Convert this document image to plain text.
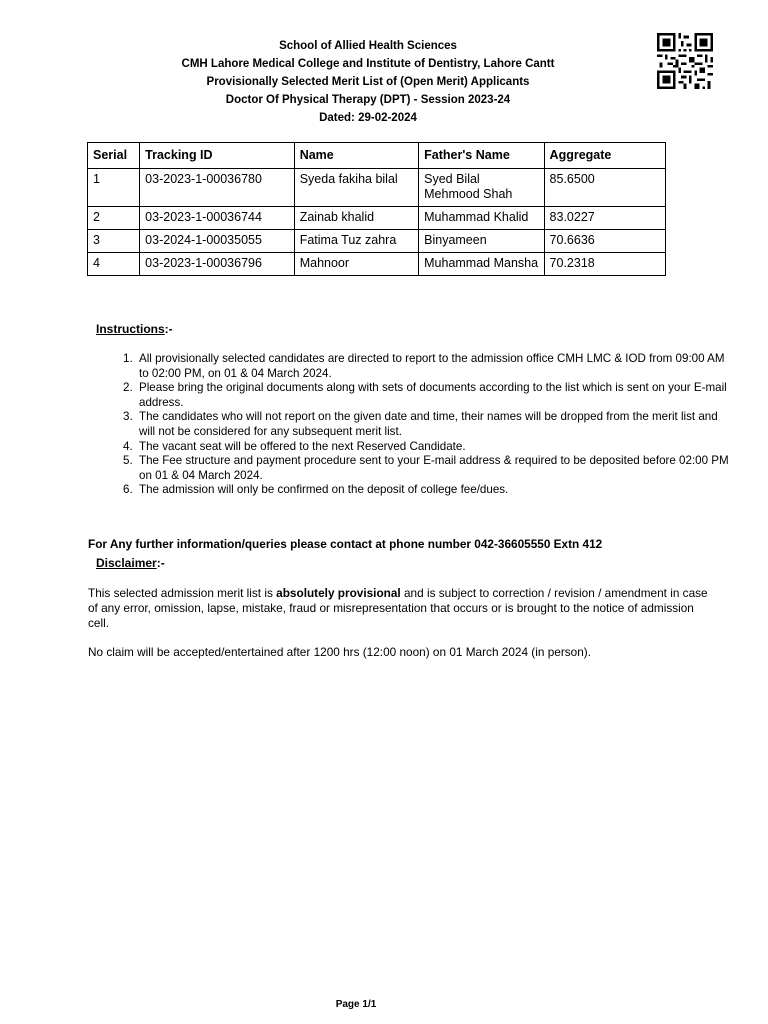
School of Allied Health Sciences
CMH Lahore Medical College and Institute of Dentistry, Lahore Cantt
Provisionally Selected Merit List of (Open Merit) Applicants
Doctor Of Physical Therapy (DPT) - Session 2023-24
Dated: 29-02-2024
Serial	Tracking ID	Name	Father's Name	Aggregate
1	03-2023-1-00036780	Syeda fakiha bilal	Syed Bilal Mehmood Shah	85.6500
2	03-2023-1-00036744	Zainab khalid	Muhammad Khalid	83.0227
3	03-2024-1-00035055	Fatima Tuz zahra	Binyameen	70.6636
4	03-2023-1-00036796	Mahnoor	Muhammad Mansha	70.2318
Instructions:-
1. All provisionally selected candidates are directed to report to the admission office CMH LMC & IOD from 09:00 AM to 02:00 PM, on 01 & 04 March 2024.
2. Please bring the original documents along with sets of documents according to the list which is sent on your E-mail address.
3. The candidates who will not report on the given date and time, their names will be dropped from the merit list and will not be considered for any subsequent merit list.
4. The vacant seat will be offered to the next Reserved Candidate.
5. The Fee structure and payment procedure sent to your E-mail address & required to be deposited before 02:00 PM on 01 & 04 March 2024.
6. The admission will only be confirmed on the deposit of college fee/dues.
For Any further information/queries please contact at phone number 042-36605550 Extn 412
Disclaimer:-
This selected admission merit list is absolutely provisional and is subject to correction / revision / amendment in case of any error, omission, lapse, mistake, fraud or misrepresentation that occurs or is brought to the notice of admission cell.
No claim will be accepted/entertained after 1200 hrs (12:00 noon) on 01 March 2024 (in person).
Page 1/1
